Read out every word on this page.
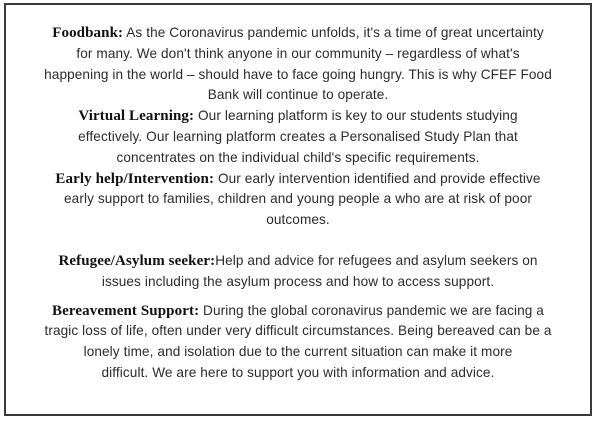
Foodbank: As the Coronavirus pandemic unfolds, it's a time of great uncertainty
for many. We don't think anyone in our community – regardless of what's
happening in the world – should have to face going hungry. This is why CFEF Food
Bank will continue to operate.
Virtual Learning: Our learning platform is key to our students studying
effectively. Our learning platform creates a Personalised Study Plan that
concentrates on the individual child's specific requirements.
Early help/Intervention: Our early intervention identified and provide effective
early support to families, children and young people a who are at risk of poor
outcomes.
Refugee/Asylum seeker:Help and advice for refugees and asylum seekers on
issues including the asylum process and how to access support.
Bereavement Support: During the global coronavirus pandemic we are facing a
tragic loss of life, often under very difficult circumstances. Being bereaved can be a
lonely time, and isolation due to the current situation can make it more
difficult. We are here to support you with information and advice.
